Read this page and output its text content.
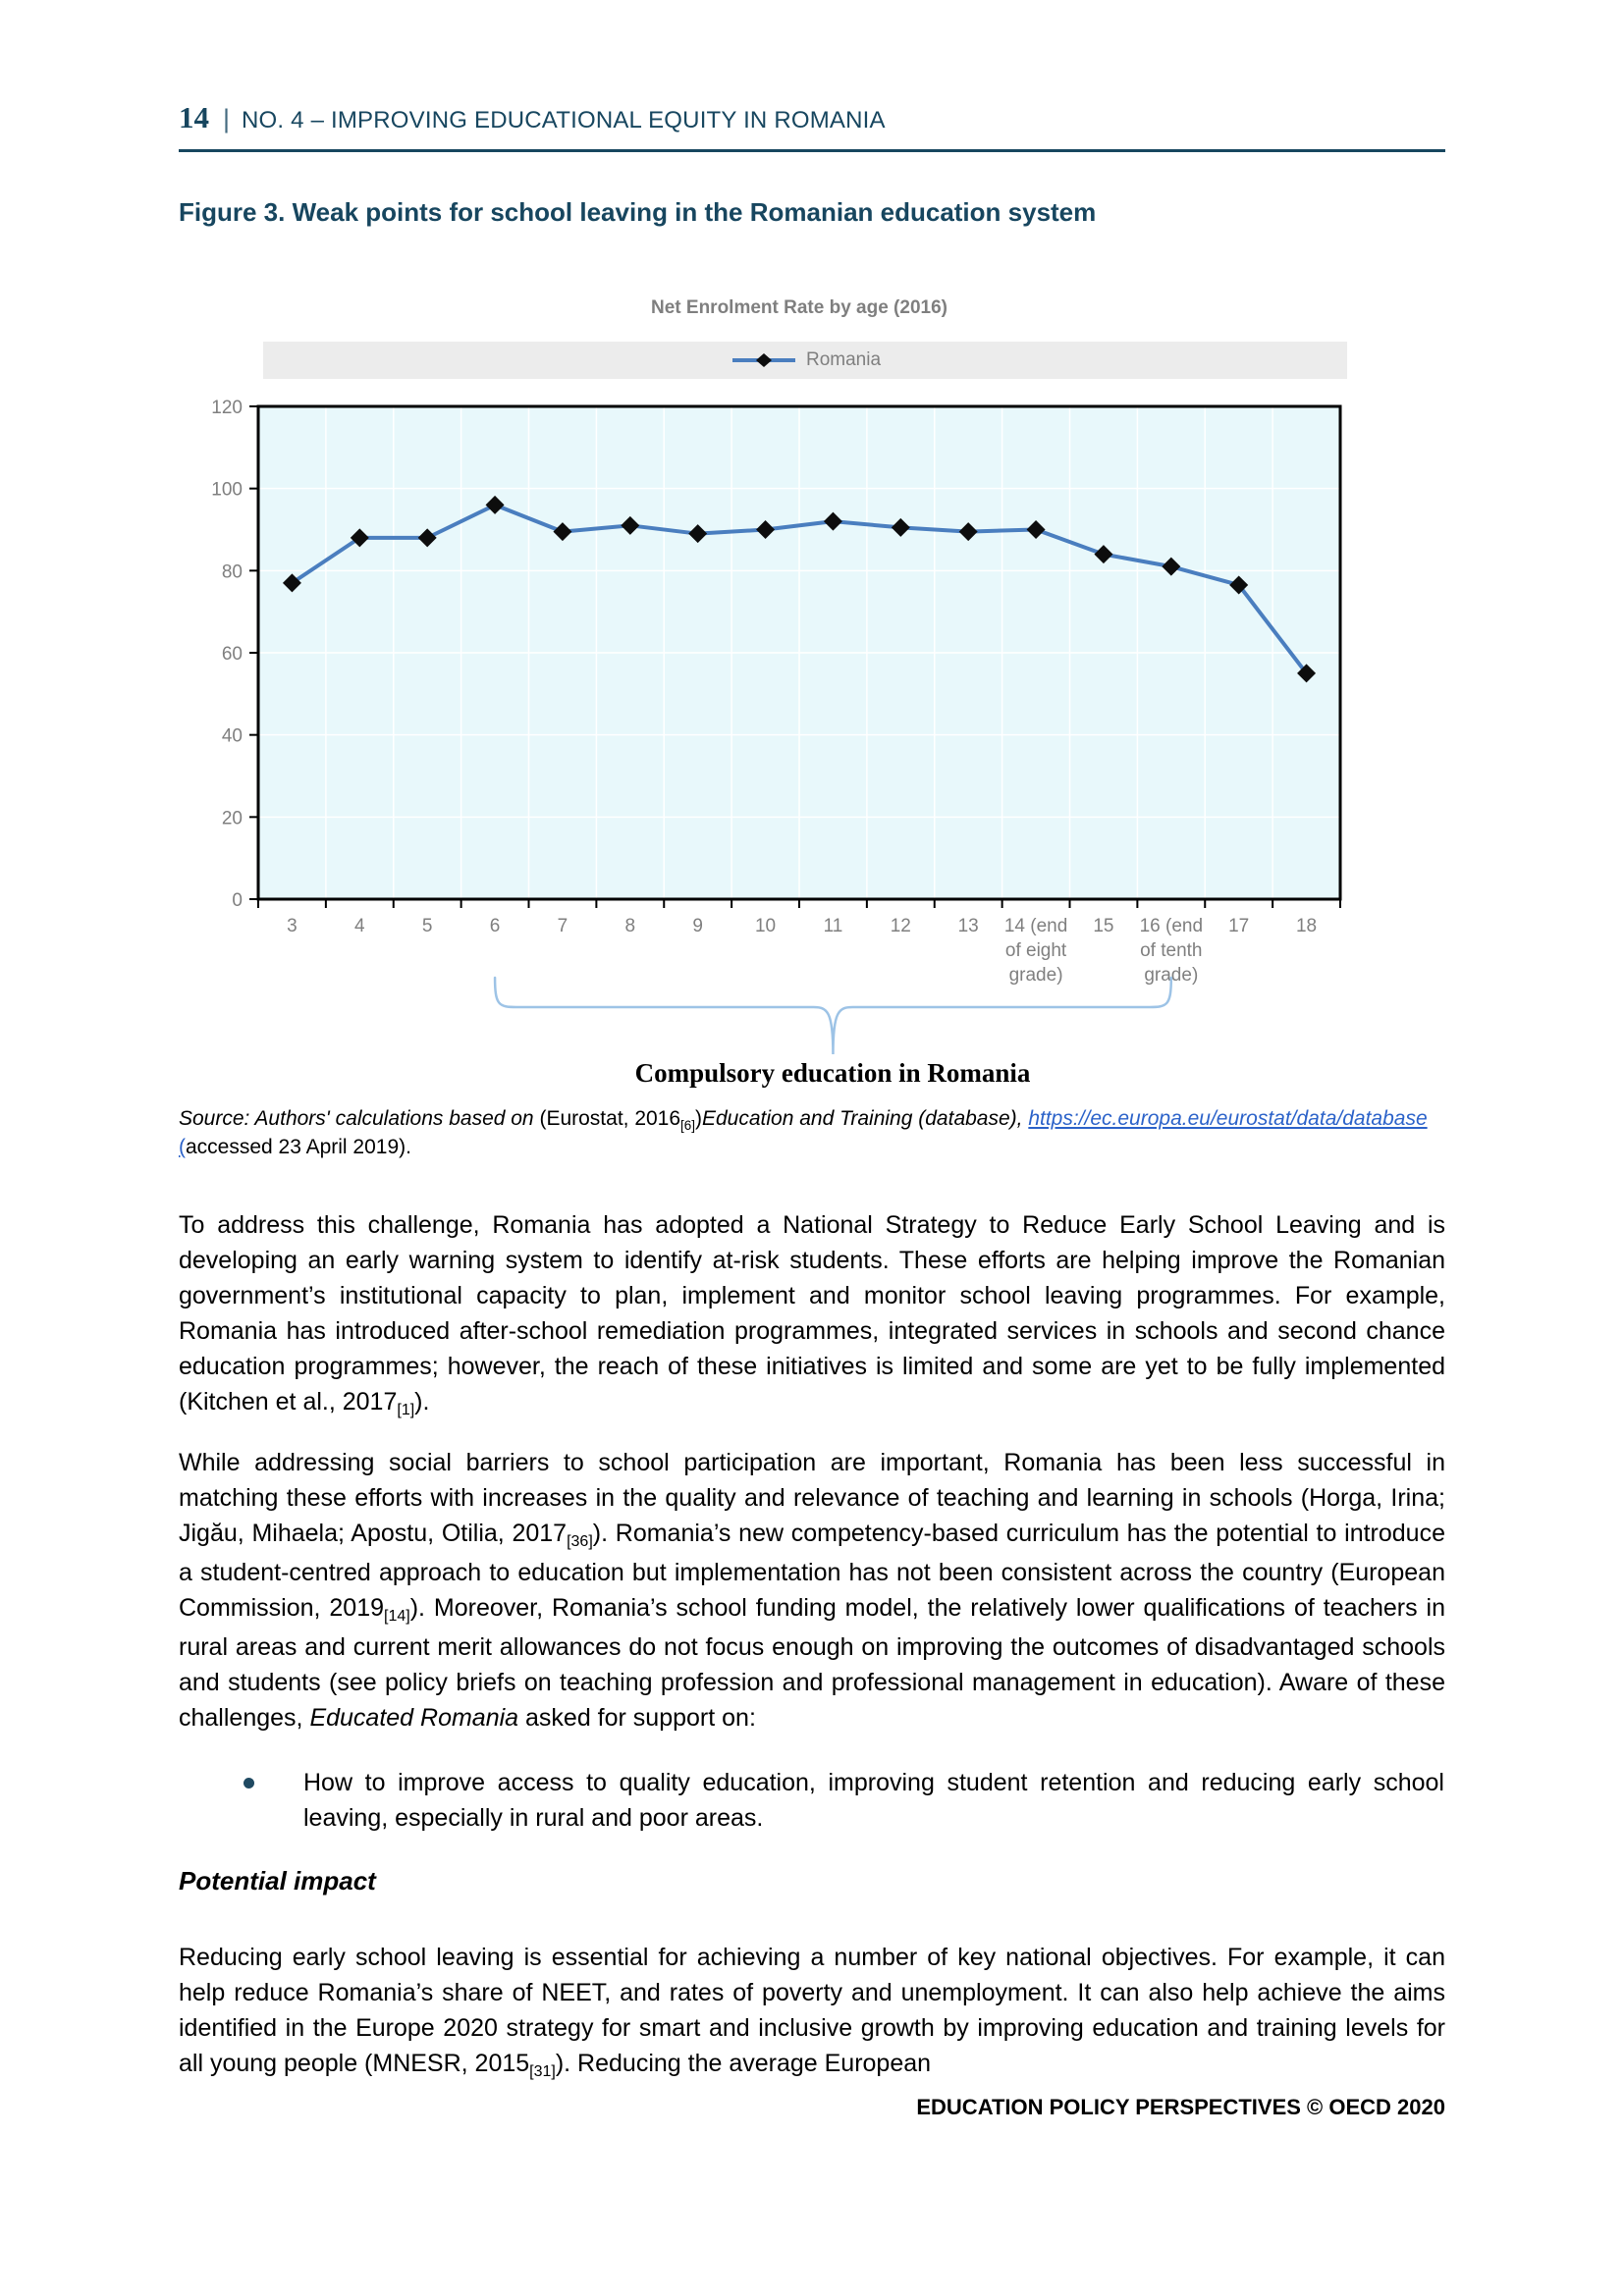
14 | NO. 4 – IMPROVING EDUCATIONAL EQUITY IN ROMANIA
Figure 3. Weak points for school leaving in the Romanian education system
Net Enrolment Rate by age (2016)
Romania
0
20
40
60
80
100
120
3	4	5	6	7	8	9	10	11	12	13 14 (end of eight grade)
15 16 (end of tenth grade)
17	18
Compulsory education in Romania

Source: Authors' calculations based on (Eurostat, $2016_{[6]})Education$ and Training (database), https://ec.europa.eu/eurostat/data/database (accessed 23 April 2019).

To address this challenge, Romania has adopted a National Strategy to Reduce Early School Leaving and is developing an early warning system to identify at-risk students. These efforts are helping improve the Romanian government’s institutional capacity to plan, implement and monitor school leaving programmes. For example, Romania has introduced after-school remediation programmes, integrated services in schools and second chance education programmes; however, the reach of these initiatives is limited and some are yet to be fully implemented (Kitchen et al., $2017_{[1]}$).

While addressing social barriers to school participation are important, Romania has been less successful in matching these efforts with increases in the quality and relevance of teaching and learning in schools (Horga, Irina; Jigău, Mihaela; Apostu, Otilia, $2017_{[36]}$). Romania’s new competency-based curriculum has the potential to introduce a student-centred approach to education but implementation has not been consistent across the country (European Commission, $2019_{[14]}$). Moreover, Romania’s school funding model, the relatively lower qualifications of teachers in rural areas and current merit allowances do not focus enough on improving the outcomes of disadvantaged schools and students (see policy briefs on teaching profession and professional management in education). Aware of these challenges, Educated Romania asked for support on:

How to improve access to quality education, improving student retention and reducing early school leaving, especially in rural and poor areas.
Potential impact

Reducing early school leaving is essential for achieving a number of key national objectives. For example, it can help reduce Romania’s share of NEET, and rates of poverty and unemployment. It can also help achieve the aims identified in the Europe 2020 strategy for smart and inclusive growth by improving education and training levels for all young people (MNESR, $2015_{[31]}$). Reducing the average European

EDUCATION POLICY PERSPECTIVES © OECD 2020
